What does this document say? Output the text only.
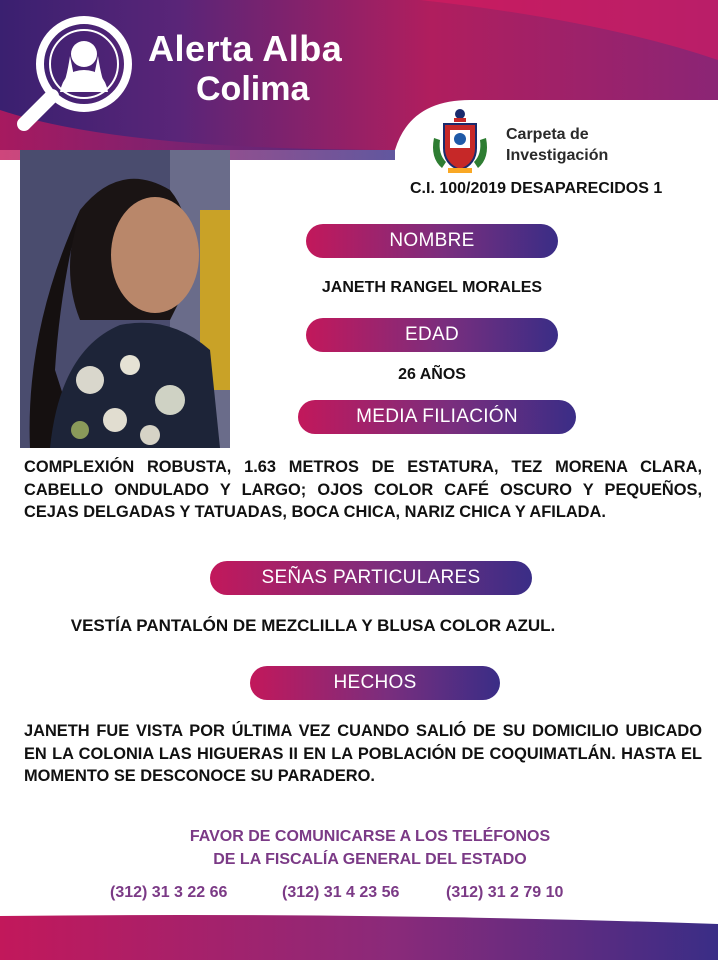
Alerta Alba
Colima
Carpeta de
Investigación
C.I. 100/2019 DESAPARECIDOS 1
NOMBRE
JANETH RANGEL MORALES
EDAD
26 AÑOS
MEDIA FILIACIÓN
COMPLEXIÓN ROBUSTA, 1.63 METROS DE ESTATURA, TEZ MORENA CLARA, CABELLO ONDULADO Y LARGO; OJOS COLOR CAFÉ OSCURO Y PEQUEÑOS, CEJAS DELGADAS Y TATUADAS, BOCA CHICA, NARIZ CHICA Y AFILADA.
SEÑAS PARTICULARES
VESTÍA PANTALÓN DE MEZCLILLA Y BLUSA COLOR AZUL.
HECHOS
JANETH FUE VISTA POR ÚLTIMA VEZ CUANDO SALIÓ DE SU DOMICILIO UBICADO EN LA COLONIA LAS HIGUERAS II EN LA POBLACIÓN DE COQUIMATLÁN. HASTA EL MOMENTO SE DESCONOCE SU PARADERO.
FAVOR DE COMUNICARSE A LOS TELÉFONOS
DE LA FISCALÍA GENERAL DEL ESTADO
(312) 31 3 22 66	(312) 31 4 23 56	(312) 31 2 79 10
